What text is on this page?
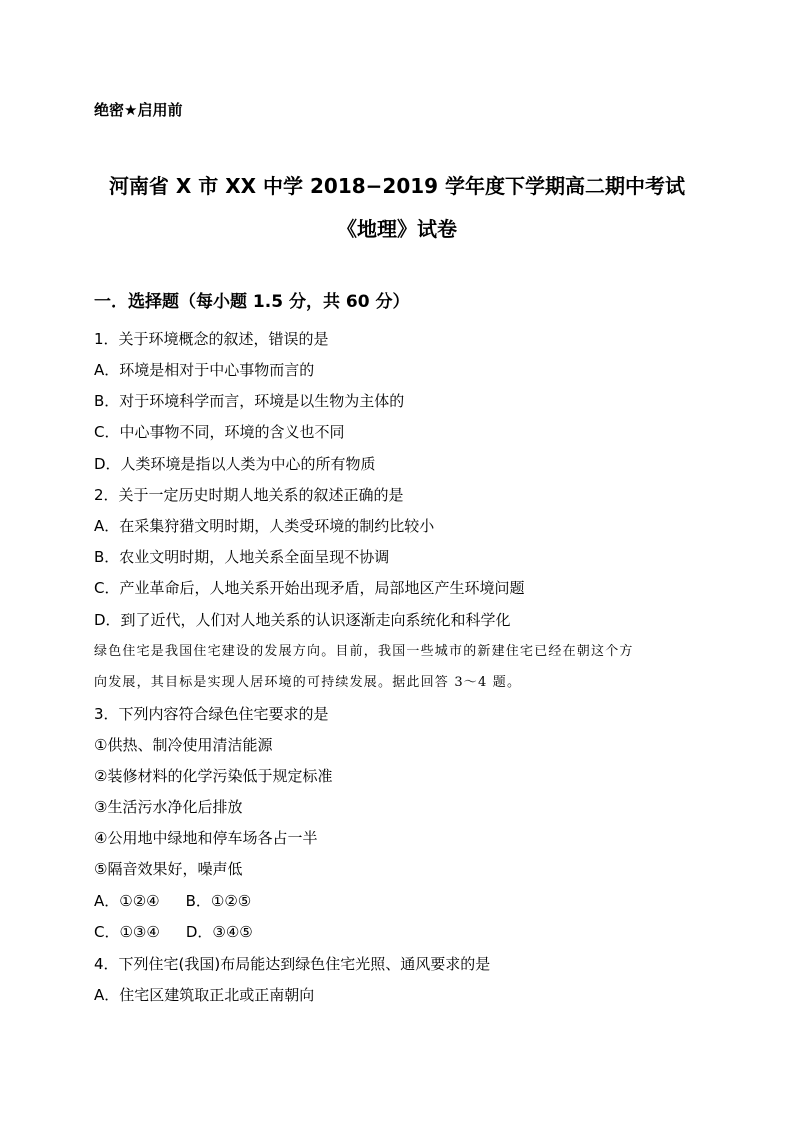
绝密★启用前
河南省 X 市 XX 中学 2018−2019 学年度下学期高二期中考试
《地理》试卷
一．选择题（每小题 1.5 分，共 60 分）
1．关于环境概念的叙述，错误的是
A．环境是相对于中心事物而言的
B．对于环境科学而言，环境是以生物为主体的
C．中心事物不同，环境的含义也不同
D．人类环境是指以人类为中心的所有物质
2．关于一定历史时期人地关系的叙述正确的是
A．在采集狩猎文明时期，人类受环境的制约比较小
B．农业文明时期，人地关系全面呈现不协调
C．产业革命后，人地关系开始出现矛盾，局部地区产生环境问题
D．到了近代，人们对人地关系的认识逐渐走向系统化和科学化
绿色住宅是我国住宅建设的发展方向。目前，我国一些城市的新建住宅已经在朝这个方
向发展，其目标是实现人居环境的可持续发展。据此回答 3～4 题。
3．下列内容符合绿色住宅要求的是
①供热、制冷使用清洁能源
②装修材料的化学污染低于规定标准
③生活污水净化后排放
④公用地中绿地和停车场各占一半
⑤隔音效果好，噪声低
A．①②④ B．①②⑤
C．①③④ D．③④⑤
4．下列住宅(我国)布局能达到绿色住宅光照、通风要求的是
A．住宅区建筑取正北或正南朝向
